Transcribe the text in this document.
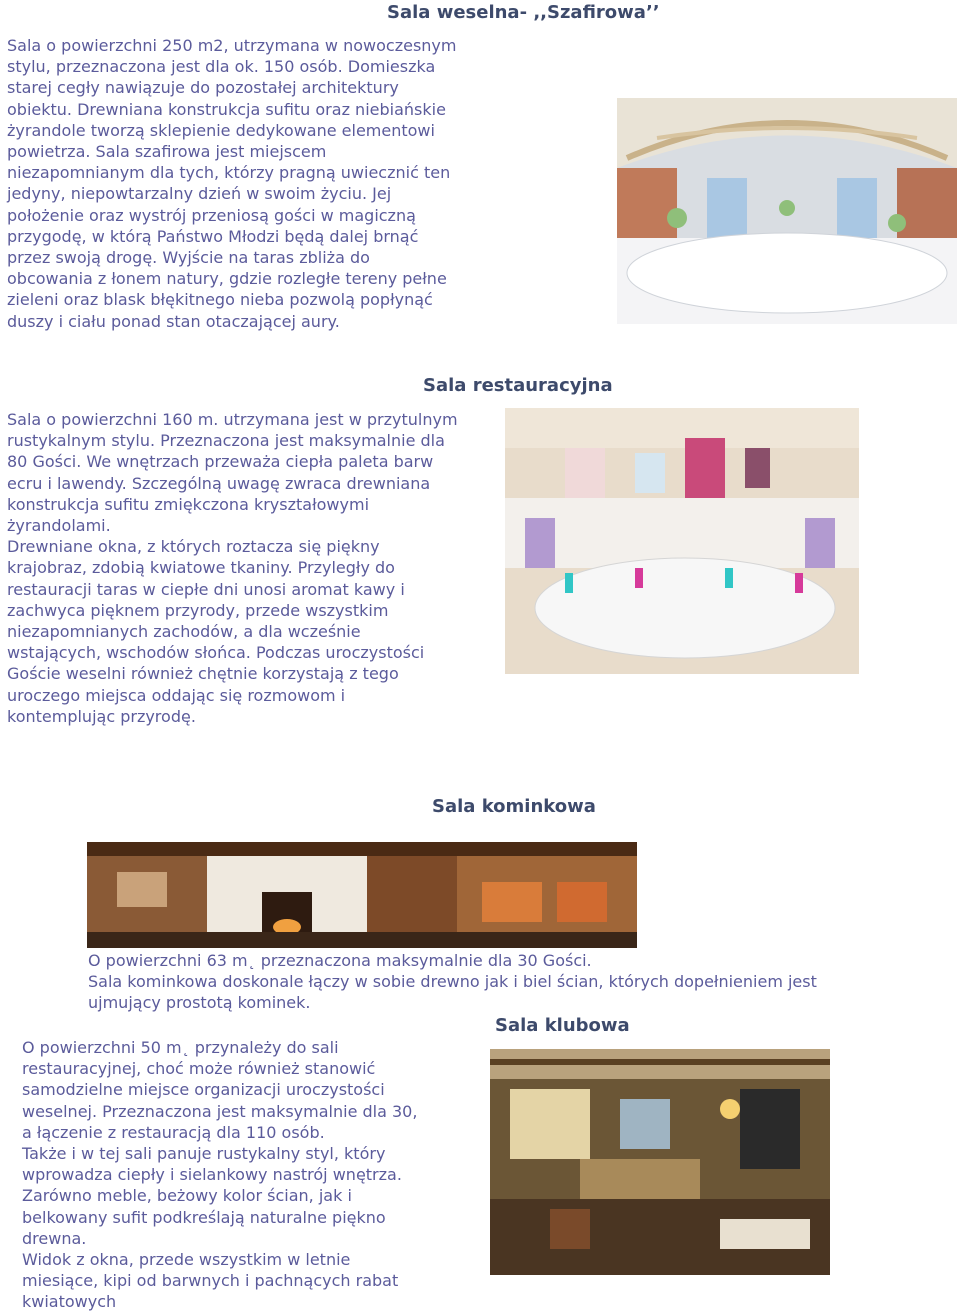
Sala weselna- ,,Szafirowa’’
Sala o powierzchni 250 m2, utrzymana w nowoczesnym
stylu, przeznaczona jest dla ok. 150 osób. Domieszka
starej cegły nawiązuje do pozostałej architektury
obiektu. Drewniana konstrukcja sufitu oraz niebiańskie
żyrandole tworzą sklepienie dedykowane elementowi
powietrza. Sala szafirowa jest miejscem
niezapomnianym dla tych, którzy pragną uwiecznić ten
jedyny, niepowtarzalny dzień w swoim życiu. Jej
położenie oraz wystrój przeniosą gości w magiczną
przygodę, w którą Państwo Młodzi będą dalej brnąć
przez swoją drogę. Wyjście na taras zbliża do
obcowania z łonem natury, gdzie rozległe tereny pełne
zieleni oraz blask błękitnego nieba pozwolą popłynąć
duszy i ciału ponad stan otaczającej aury.
Sala restauracyjna
Sala o powierzchni 160 m. utrzymana jest w przytulnym
rustykalnym stylu. Przeznaczona jest maksymalnie dla
80 Gości. We wnętrzach przeważa ciepła paleta barw
ecru i lawendy. Szczególną uwagę zwraca drewniana
konstrukcja sufitu zmiękczona kryształowymi
żyrandolami.
Drewniane okna, z których roztacza się piękny
krajobraz, zdobią kwiatowe tkaniny. Przyległy do
restauracji taras w ciepłe dni unosi aromat kawy i
zachwyca pięknem przyrody, przede wszystkim
niezapomnianych zachodów, a dla wcześnie
wstających, wschodów słońca. Podczas uroczystości
Goście weselni również chętnie korzystają z tego
uroczego miejsca oddając się rozmowom i
kontemplując przyrodę.
Sala kominkowa
O powierzchni 63 m˛ przeznaczona maksymalnie dla 30 Gości.
Sala kominkowa doskonale łączy w sobie drewno jak i biel ścian, których dopełnieniem jest
ujmujący prostotą kominek.
Sala klubowa
O powierzchni 50 m˛ przynależy do sali
restauracyjnej, choć może również stanowić
samodzielne miejsce organizacji uroczystości
weselnej. Przeznaczona jest maksymalnie dla 30,
a łączenie z restauracją dla 110 osób.
Także i w tej sali panuje rustykalny styl, który
wprowadza ciepły i sielankowy nastrój wnętrza.
Zarówno meble, beżowy kolor ścian, jak i
belkowany sufit podkreślają naturalne piękno
drewna.
Widok z okna, przede wszystkim w letnie
miesiące, kipi od barwnych i pachnących rabat
kwiatowych
